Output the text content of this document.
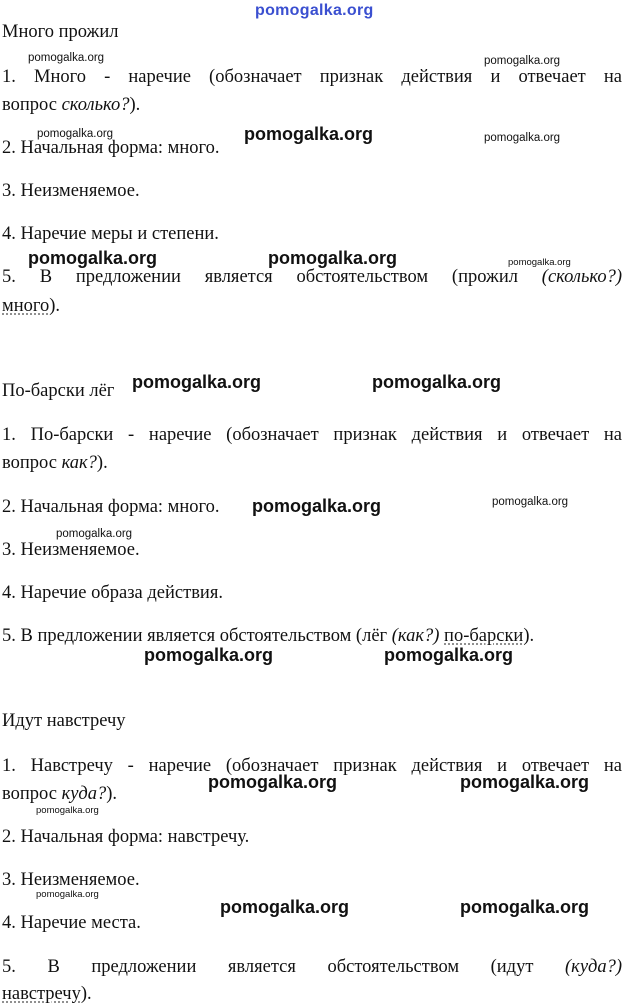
pomogalka.org
pomogalka.org	pomogalka.org
pomogalka.org	pomogalka.org	pomogalka.org
pomogalka.org	pomogalka.org	pomogalka.org
pomogalka.org	pomogalka.org
pomogalka.org	pomogalka.org
pomogalka.org
pomogalka.org	pomogalka.org
pomogalka.org	pomogalka.org
pomogalka.org
pomogalka.org
pomogalka.org	pomogalka.org
Много прожил
1. Много - наречие (обозначает признак действия и отвечает на
вопрос сколько?).
2. Начальная форма: много.
3. Неизменяемое.
4. Наречие меры и степени.
5. В предложении является обстоятельством (прожил (сколько?)
много).
По-барски лёг
1. По-барски - наречие (обозначает признак действия и отвечает на
вопрос как?).
2. Начальная форма: много.
3. Неизменяемое.
4. Наречие образа действия.
5. В предложении является обстоятельством (лёг (как?) по-барски).
Идут навстречу
1. Навстречу - наречие (обозначает признак действия и отвечает на
вопрос куда?).
2. Начальная форма: навстречу.
3. Неизменяемое.
4. Наречие места.
5. В предложении является обстоятельством (идут (куда?)
навстречу).
